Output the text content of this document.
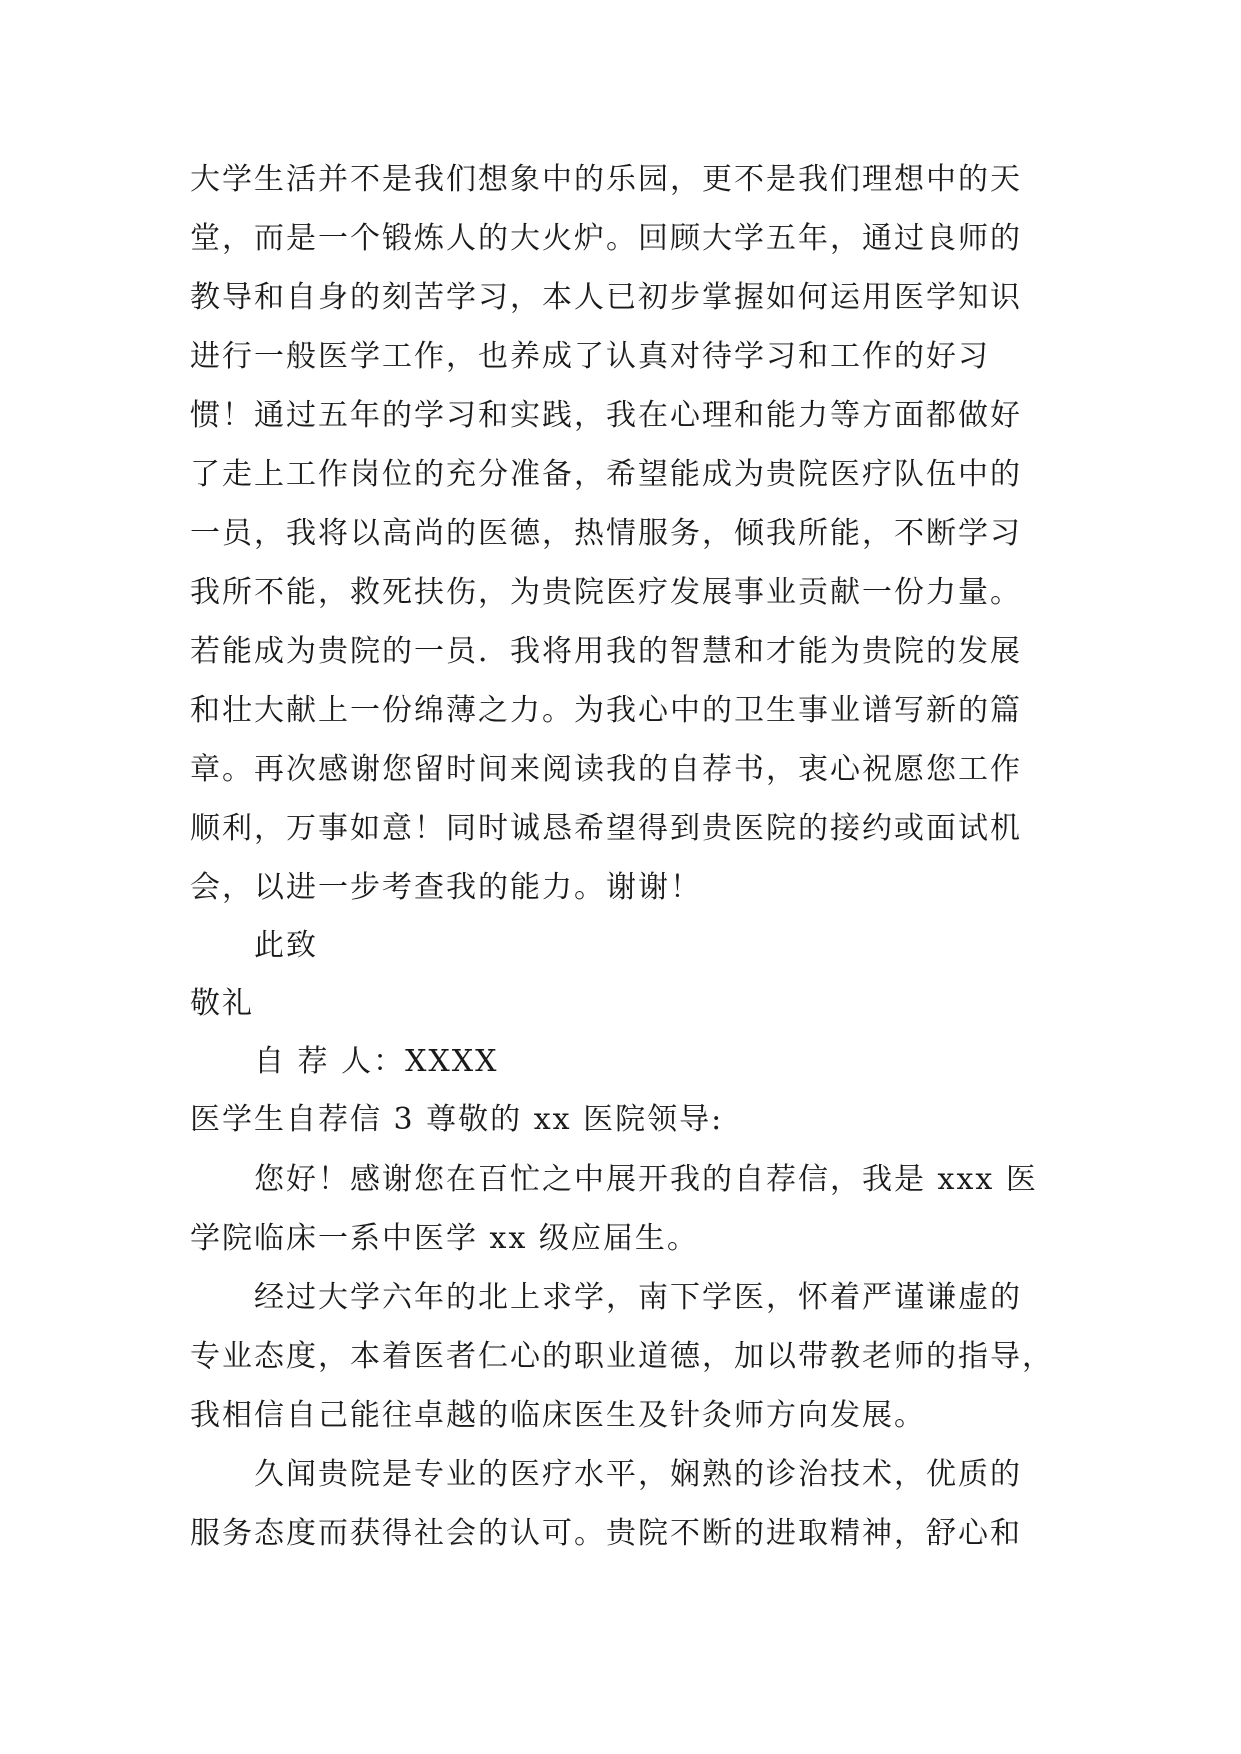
大学生活并不是我们想象中的乐园，更不是我们理想中的天
堂，而是一个锻炼人的大火炉。回顾大学五年，通过良师的
教导和自身的刻苦学习，本人已初步掌握如何运用医学知识
进行一般医学工作，也养成了认真对待学习和工作的好习
惯！通过五年的学习和实践，我在心理和能力等方面都做好
了走上工作岗位的充分准备，希望能成为贵院医疗队伍中的
一员，我将以高尚的医德，热情服务，倾我所能，不断学习
我所不能，救死扶伤，为贵院医疗发展事业贡献一份力量。
若能成为贵院的一员．我将用我的智慧和才能为贵院的发展
和壮大献上一份绵薄之力。为我心中的卫生事业谱写新的篇
章。再次感谢您留时间来阅读我的自荐书，衷心祝愿您工作
顺利，万事如意！同时诚恳希望得到贵医院的接约或面试机
会，以进一步考查我的能力。谢谢！
此致
敬礼
自 荐 人：XXXX
医学生自荐信 3 尊敬的 xx 医院领导:
您好！感谢您在百忙之中展开我的自荐信，我是 xxx 医
学院临床一系中医学 xx 级应届生。
经过大学六年的北上求学，南下学医，怀着严谨谦虚的
专业态度，本着医者仁心的职业道德，加以带教老师的指导，
我相信自己能往卓越的临床医生及针灸师方向发展。
久闻贵院是专业的医疗水平，娴熟的诊治技术，优质的
服务态度而获得社会的认可。贵院不断的进取精神，舒心和
